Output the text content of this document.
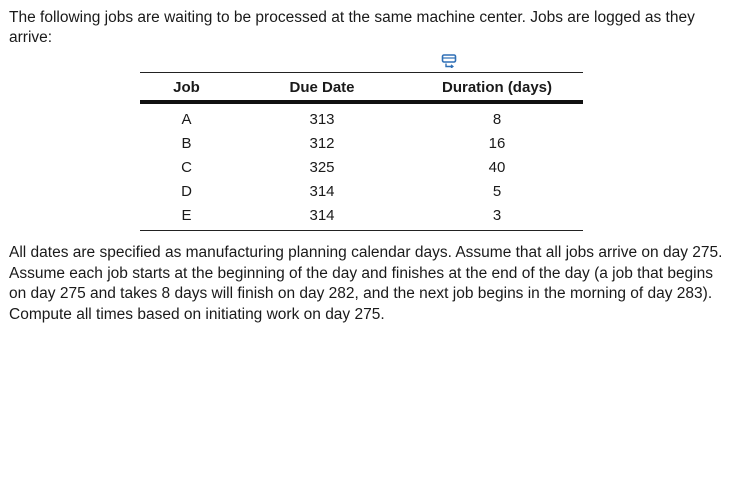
The following jobs are waiting to be processed at the same machine center. Jobs are logged as they arrive:

Job	Due Date	Duration (days)
A	313	8
B	312	16
C	325	40
D	314	5
E	314	3

All dates are specified as manufacturing planning calendar days. Assume that all jobs arrive on day 275. Assume each job starts at the beginning of the day and finishes at the end of the day (a job that begins on day 275 and takes 8 days will finish on day 282, and the next job begins in the morning of day 283). Compute all times based on initiating work on day 275.
